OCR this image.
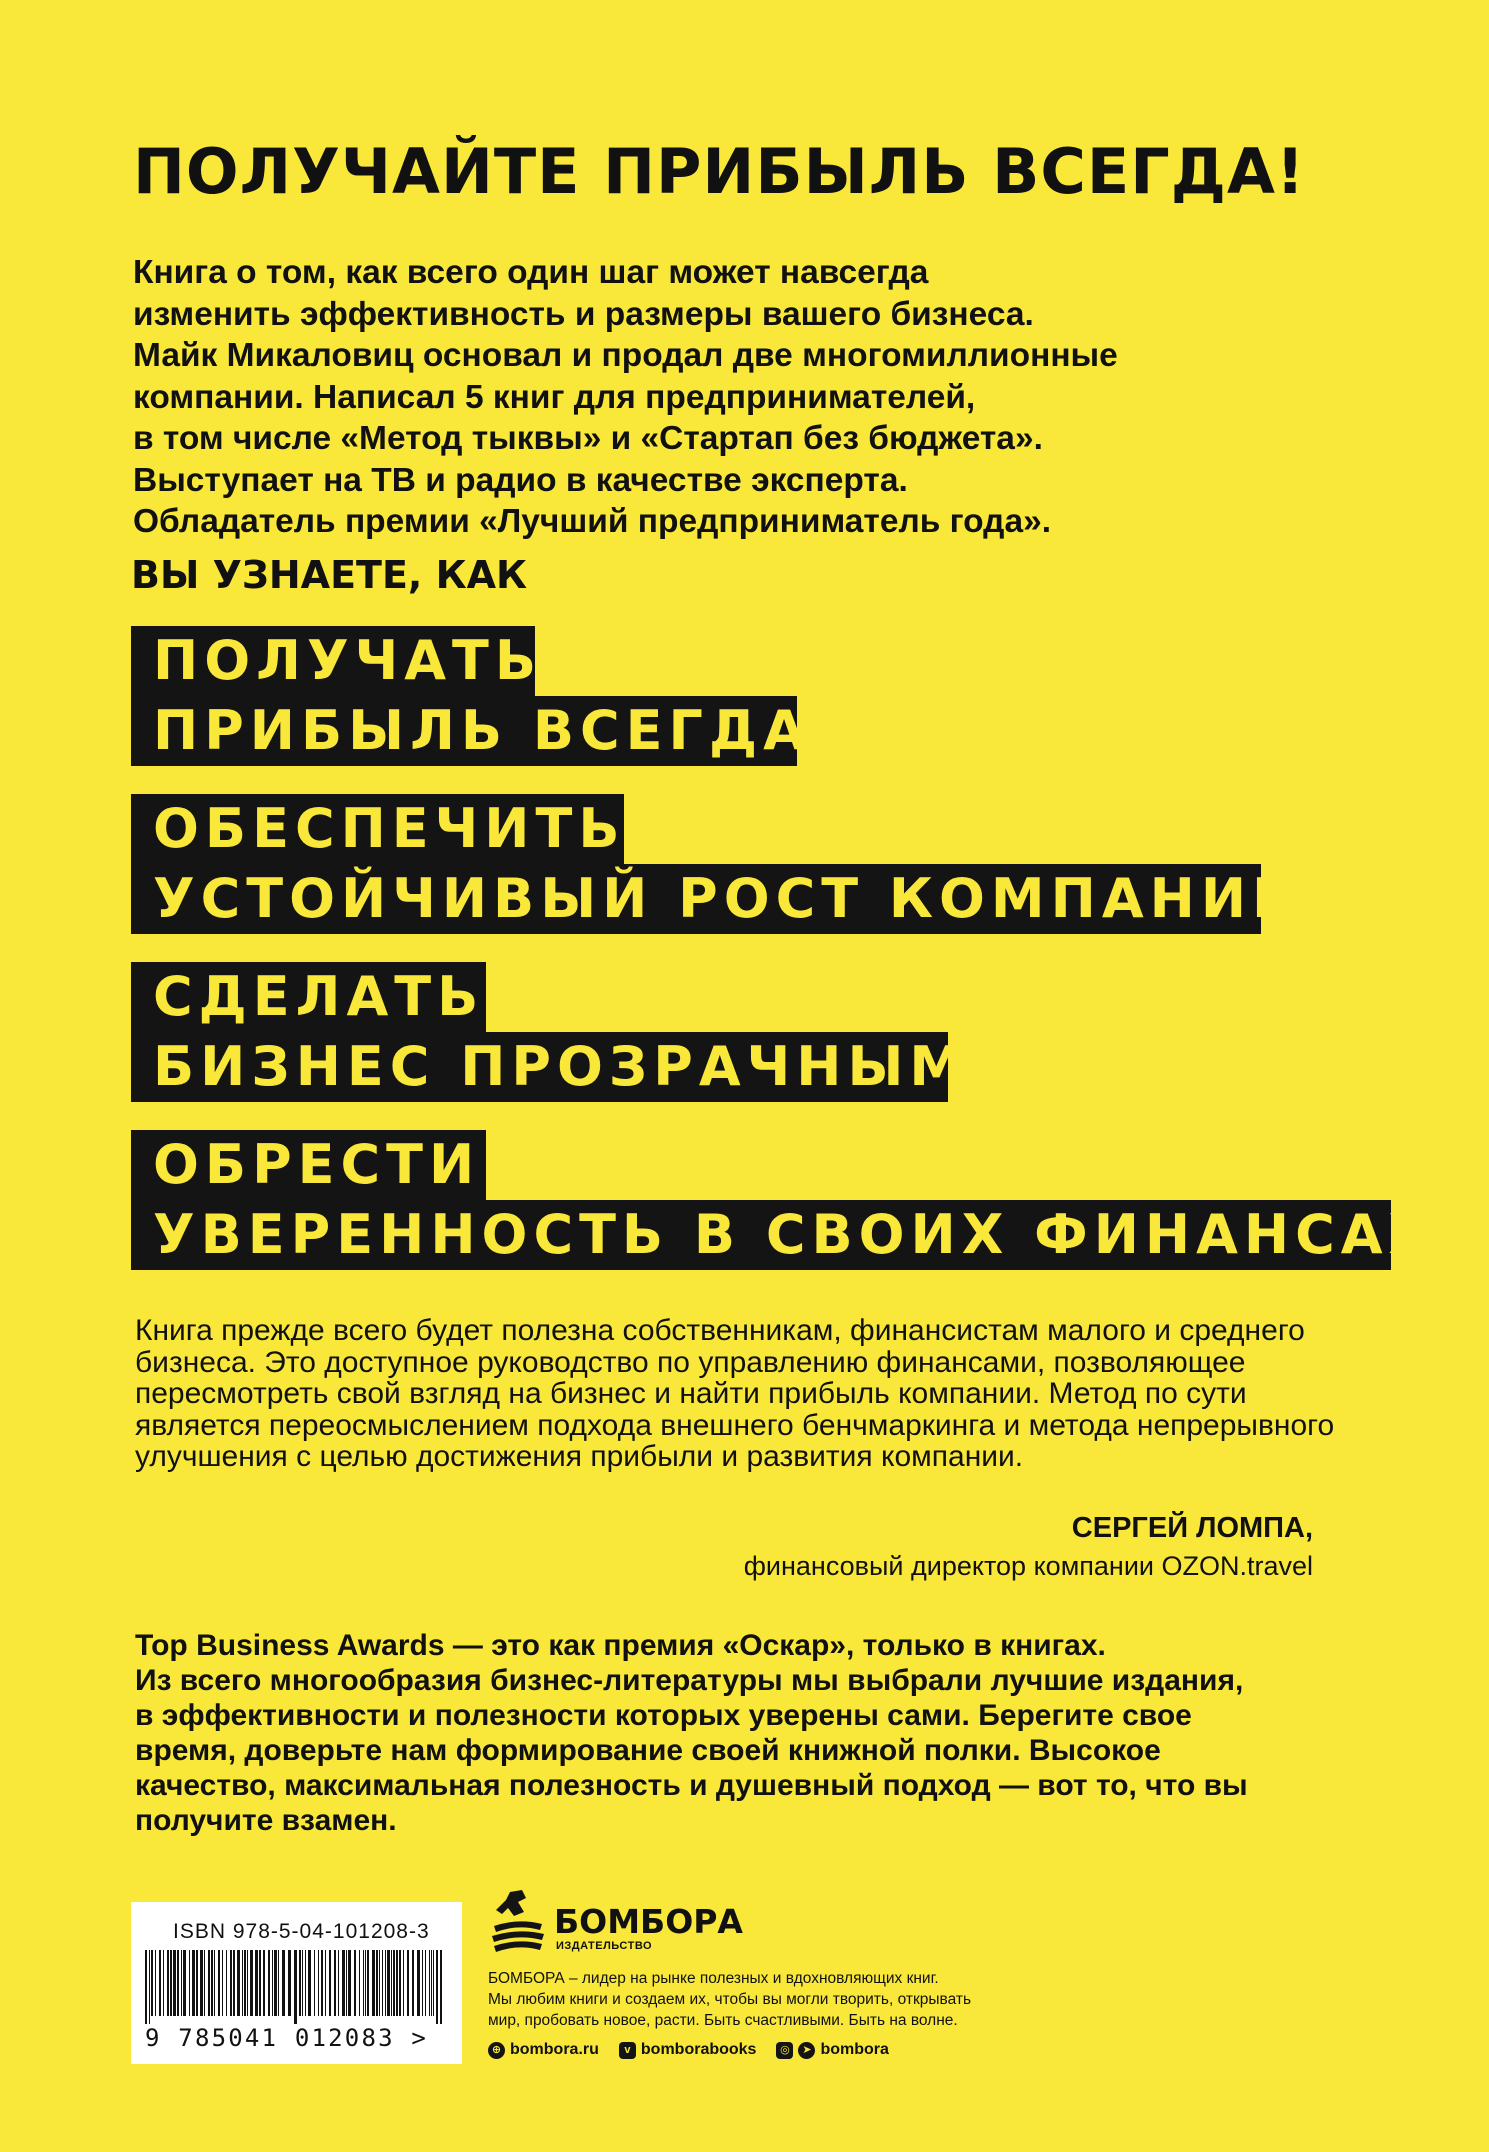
ПОЛУЧАЙТЕ ПРИБЫЛЬ ВСЕГДА!

Книга о том, как всего один шаг может навсегда
изменить эффективность и размеры вашего бизнеса.
Майк Микаловиц основал и продал две многомиллионные
компании. Написал 5 книг для предпринимателей,
в том числе «Метод тыквы» и «Стартап без бюджета».
Выступает на ТВ и радио в качестве эксперта.
Обладатель премии «Лучший предприниматель года».

ВЫ УЗНАЕТЕ, КАК
ПОЛУЧАТЬ
ПРИБЫЛЬ ВСЕГДА
ОБЕСПЕЧИТЬ
УСТОЙЧИВЫЙ РОСТ КОМПАНИИ
СДЕЛАТЬ
БИЗНЕС ПРОЗРАЧНЫМ
ОБРЕСТИ
УВЕРЕННОСТЬ В СВОИХ ФИНАНСАХ

Книга прежде всего будет полезна собственникам, финансистам малого и среднего
бизнеса. Это доступное руководство по управлению финансами, позволяющее
пересмотреть свой взгляд на бизнес и найти прибыль компании. Метод по сути
является переосмыслением подхода внешнего бенчмаркинга и метода непрерывного
улучшения с целью достижения прибыли и развития компании.

СЕРГЕЙ ЛОМПА,
финансовый директор компании OZON.travel

Top Business Awards — это как премия «Оскар», только в книгах.
Из всего многообразия бизнес-литературы мы выбрали лучшие издания,
в эффективности и полезности которых уверены сами. Берегите свое
время, доверьте нам формирование своей книжной полки. Высокое
качество, максимальная полезность и душевный подход — вот то, что вы
получите взамен.

ISBN 978-5-04-101208-3
9 785041 012083 >
БОМБОРА
ИЗДАТЕЛЬСТВО

БОМБОРА – лидер на рынке полезных и вдохновляющих книг.
Мы любим книги и создаем их, чтобы вы могли творить, открывать
мир, пробовать новое, расти. Быть счастливыми. Быть на волне.

⊕ bombora.ru	v bomborabooks	◎	➤ bombora
